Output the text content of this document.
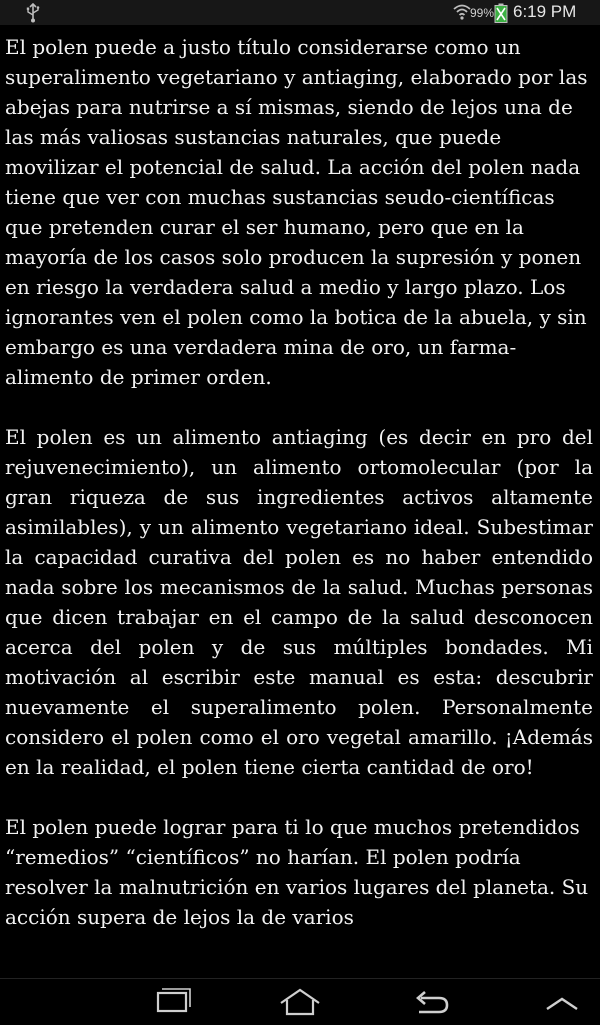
99% 6:19 PM

El polen puede a justo título considerarse como un superalimento vegetariano y antiaging, elaborado por las abejas para nutrirse a sí mismas, siendo de lejos una de las más valiosas sustancias naturales, que puede movilizar el potencial de salud. La acción del polen nada tiene que ver con muchas sustancias seudo-científicas que pretenden curar el ser humano, pero que en la mayoría de los casos solo producen la supresión y ponen en riesgo la verdadera salud a medio y largo plazo. Los ignorantes ven el polen como la botica de la abuela, y sin embargo es una verdadera mina de oro, un farma-alimento de primer orden.

El polen es un alimento antiaging (es decir en pro del rejuvenecimiento), un alimento ortomolecular (por la gran riqueza de sus ingredientes activos altamente asimilables), y un alimento vegetariano ideal. Subestimar la capacidad curativa del polen es no haber entendido nada sobre los mecanismos de la salud. Muchas personas que dicen trabajar en el campo de la salud desconocen acerca del polen y de sus múltiples bondades. Mi motivación al escribir este manual es esta: descubrir nuevamente el superalimento polen. Personalmente considero el polen como el oro vegetal amarillo. ¡Además en la realidad, el polen tiene cierta cantidad de oro!

El polen puede lograr para ti lo que muchos pretendidos “remedios” “científicos” no harían. El polen podría resolver la malnutrición en varios lugares del planeta. Su acción supera de lejos la de varios
